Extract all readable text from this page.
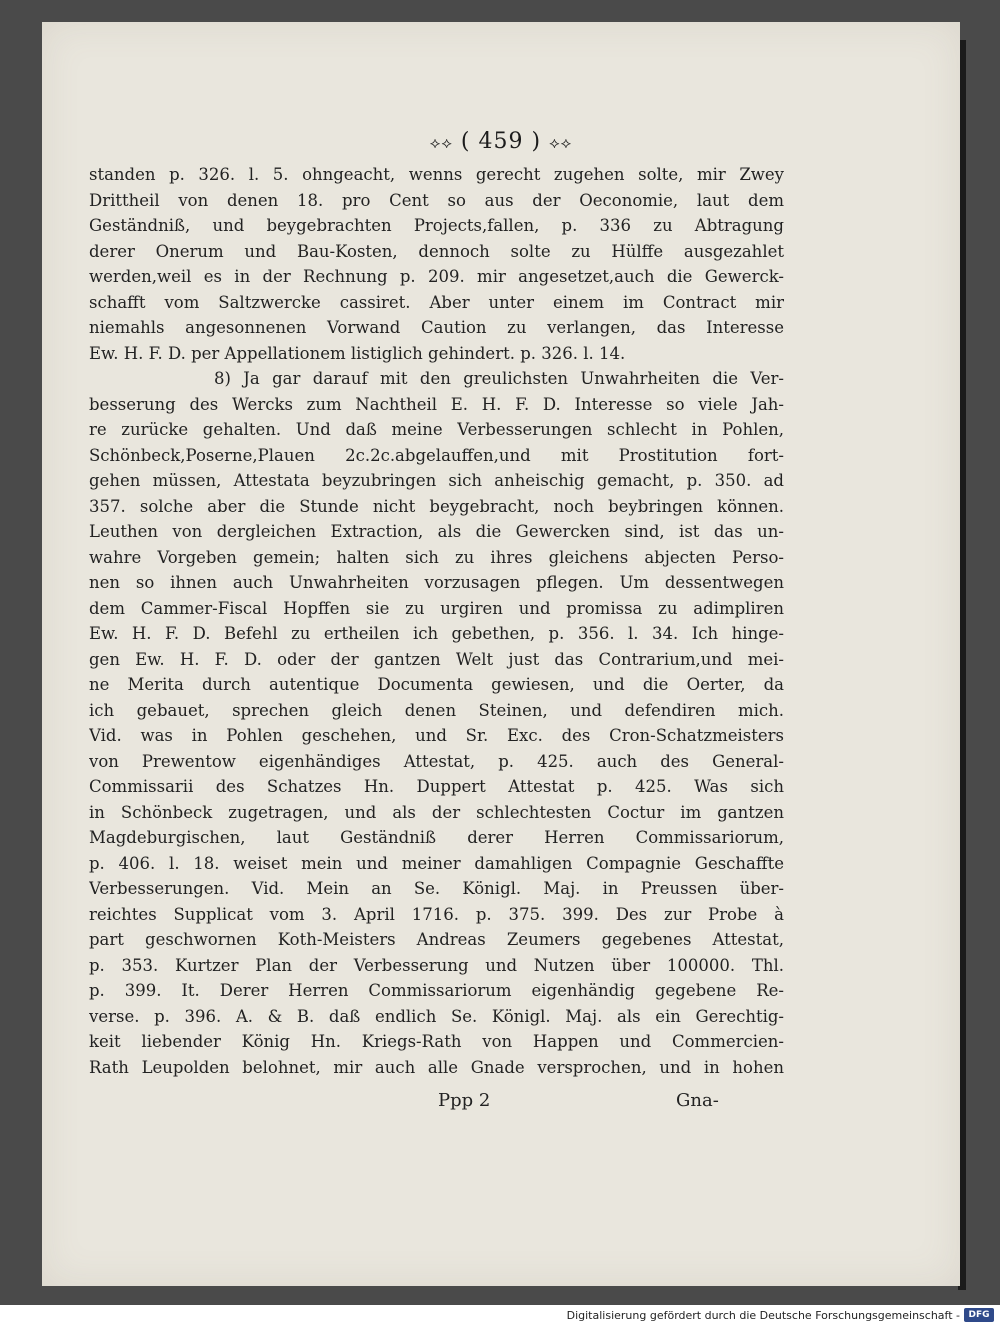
⟡⟡ ( 459 ) ⟡⟡
standen p. 326. l. 5. ohngeacht, wenns gerecht zugehen solte, mir Zwey
Drittheil von denen 18. pro Cent so aus der Oeconomie, laut dem
Geständniß, und beygebrachten Projects,fallen, p. 336 zu Abtragung
derer Onerum und Bau-Kosten, dennoch solte zu Hülffe ausgezahlet
werden,weil es in der Rechnung p. 209. mir angesetzet,auch die Gewerck-
schafft vom Saltzwercke cassiret. Aber unter einem im Contract mir
niemahls angesonnenen Vorwand Caution zu verlangen, das Interesse
Ew. H. F. D. per Appellationem listiglich gehindert. p. 326. l. 14.
8) Ja gar darauf mit den greulichsten Unwahrheiten die Ver-
besserung des Wercks zum Nachtheil E. H. F. D. Interesse so viele Jah-
re zurücke gehalten. Und daß meine Verbesserungen schlecht in Pohlen,
Schönbeck,Poserne,Plauen 2c.2c.abgelauffen,und mit Prostitution fort-
gehen müssen, Attestata beyzubringen sich anheischig gemacht, p. 350. ad
357. solche aber die Stunde nicht beygebracht, noch beybringen können.
Leuthen von dergleichen Extraction, als die Gewercken sind, ist das un-
wahre Vorgeben gemein; halten sich zu ihres gleichens abjecten Perso-
nen so ihnen auch Unwahrheiten vorzusagen pflegen. Um dessentwegen
dem Cammer-Fiscal Hopffen sie zu urgiren und promissa zu adimpliren
Ew. H. F. D. Befehl zu ertheilen ich gebethen, p. 356. l. 34. Ich hinge-
gen Ew. H. F. D. oder der gantzen Welt just das Contrarium,und mei-
ne Merita durch autentique Documenta gewiesen, und die Oerter, da
ich gebauet, sprechen gleich denen Steinen, und defendiren mich.
Vid. was in Pohlen geschehen, und Sr. Exc. des Cron-Schatzmeisters
von Prewentow eigenhändiges Attestat, p. 425. auch des General-
Commissarii des Schatzes Hn. Duppert Attestat p. 425. Was sich
in Schönbeck zugetragen, und als der schlechtesten Coctur im gantzen
Magdeburgischen, laut Geständniß derer Herren Commissariorum,
p. 406. l. 18. weiset mein und meiner damahligen Compagnie Geschaffte
Verbesserungen. Vid. Mein an Se. Königl. Maj. in Preussen über-
reichtes Supplicat vom 3. April 1716. p. 375. 399. Des zur Probe à
part geschwornen Koth-Meisters Andreas Zeumers gegebenes Attestat,
p. 353. Kurtzer Plan der Verbesserung und Nutzen über 100000. Thl.
p. 399. It. Derer Herren Commissariorum eigenhändig gegebene Re-
verse. p. 396. A. & B. daß endlich Se. Königl. Maj. als ein Gerechtig-
keit liebender König Hn. Kriegs-Rath von Happen und Commercien-
Rath Leupolden belohnet, mir auch alle Gnade versprochen, und in hohen
Ppp 2	Gna-
Digitalisierung gefördert durch die Deutsche Forschungsgemeinschaft - DFG
